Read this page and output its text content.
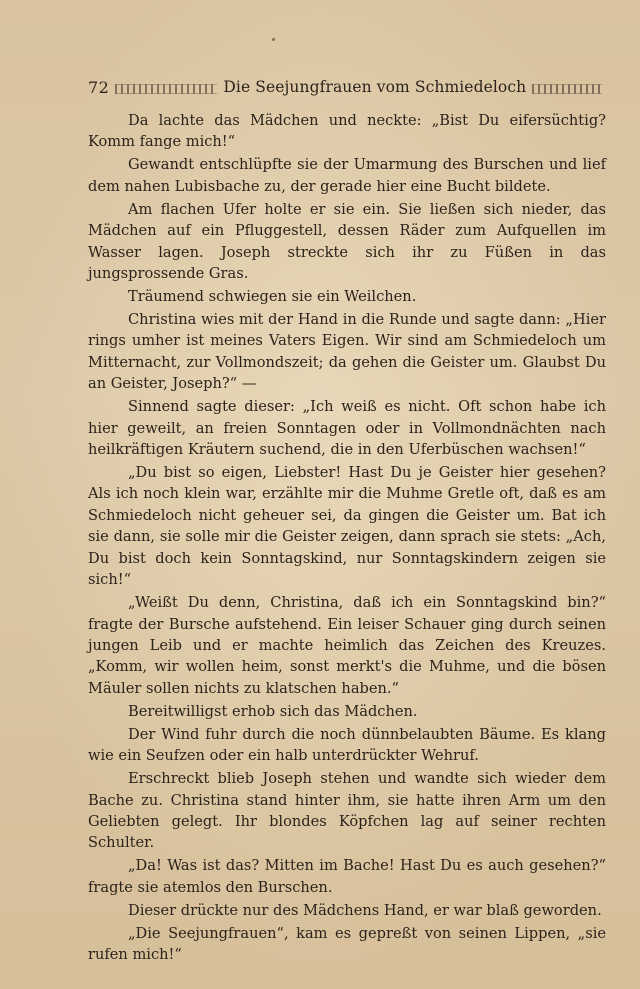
72	Die Seejungfrauen vom Schmiedeloch

Da lachte das Mädchen und neckte: „Bist Du eifersüchtig? Komm fange mich!“

Gewandt entschlüpfte sie der Umarmung des Burschen und lief dem nahen Lubisbache zu, der gerade hier eine Bucht bildete.

Am flachen Ufer holte er sie ein. Sie ließen sich nieder, das Mädchen auf ein Pfluggestell, dessen Räder zum Aufquellen im Wasser lagen. Joseph streckte sich ihr zu Füßen in das jungsprossende Gras.

Träumend schwiegen sie ein Weilchen.

Christina wies mit der Hand in die Runde und sagte dann: „Hier rings umher ist meines Vaters Eigen. Wir sind am Schmiedeloch um Mitternacht, zur Vollmondszeit; da gehen die Geister um. Glaubst Du an Geister, Joseph?“ —

Sinnend sagte dieser: „Ich weiß es nicht. Oft schon habe ich hier geweilt, an freien Sonntagen oder in Vollmondnächten nach heilkräftigen Kräutern suchend, die in den Uferbüschen wachsen!“

„Du bist so eigen, Liebster! Hast Du je Geister hier gesehen? Als ich noch klein war, erzählte mir die Muhme Gretle oft, daß es am Schmiedeloch nicht geheuer sei, da gingen die Geister um. Bat ich sie dann, sie solle mir die Geister zeigen, dann sprach sie stets: „Ach, Du bist doch kein Sonntagskind, nur Sonntagskindern zeigen sie sich!“

„Weißt Du denn, Christina, daß ich ein Sonntagskind bin?“ fragte der Bursche aufstehend. Ein leiser Schauer ging durch seinen jungen Leib und er machte heimlich das Zeichen des Kreuzes. „Komm, wir wollen heim, sonst merkt's die Muhme, und die bösen Mäuler sollen nichts zu klatschen haben.“

Bereitwilligst erhob sich das Mädchen.

Der Wind fuhr durch die noch dünnbelaubten Bäume. Es klang wie ein Seufzen oder ein halb unterdrückter Wehruf.

Erschreckt blieb Joseph stehen und wandte sich wieder dem Bache zu. Christina stand hinter ihm, sie hatte ihren Arm um den Geliebten gelegt. Ihr blondes Köpfchen lag auf seiner rechten Schulter.

„Da! Was ist das? Mitten im Bache! Hast Du es auch gesehen?“ fragte sie atemlos den Burschen.

Dieser drückte nur des Mädchens Hand, er war blaß geworden.

„Die Seejungfrauen“, kam es gepreßt von seinen Lippen, „sie rufen mich!“
